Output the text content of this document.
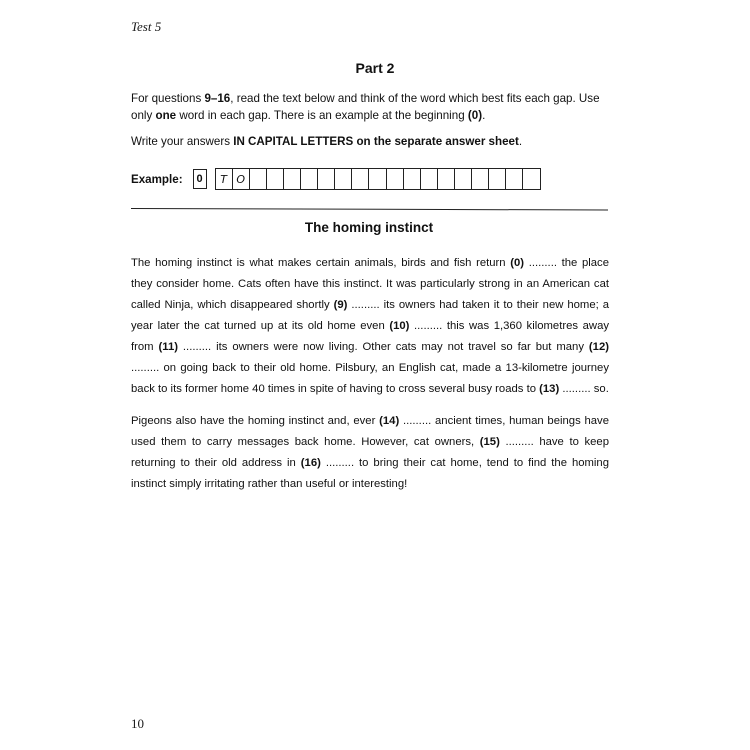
Test 5
Part 2

For questions 9–16, read the text below and think of the word which best fits each gap. Use only one word in each gap. There is an example at the beginning (0).

Write your answers IN CAPITAL LETTERS on the separate answer sheet.

Example:	0	T O
The homing instinct

The homing instinct is what makes certain animals, birds and fish return (0) ......... the place they consider home. Cats often have this instinct. It was particularly strong in an American cat called Ninja, which disappeared shortly (9) ......... its owners had taken it to their new home; a year later the cat turned up at its old home even (10) ......... this was 1,360 kilometres away from (11) ......... its owners were now living. Other cats may not travel so far but many (12) ......... on going back to their old home. Pilsbury, an English cat, made a 13-kilometre journey back to its former home 40 times in spite of having to cross several busy roads to (13) ......... so.

Pigeons also have the homing instinct and, ever (14) ......... ancient times, human beings have used them to carry messages back home. However, cat owners, (15) ......... have to keep returning to their old address in (16) ......... to bring their cat home, tend to find the homing instinct simply irritating rather than useful or interesting!

10
